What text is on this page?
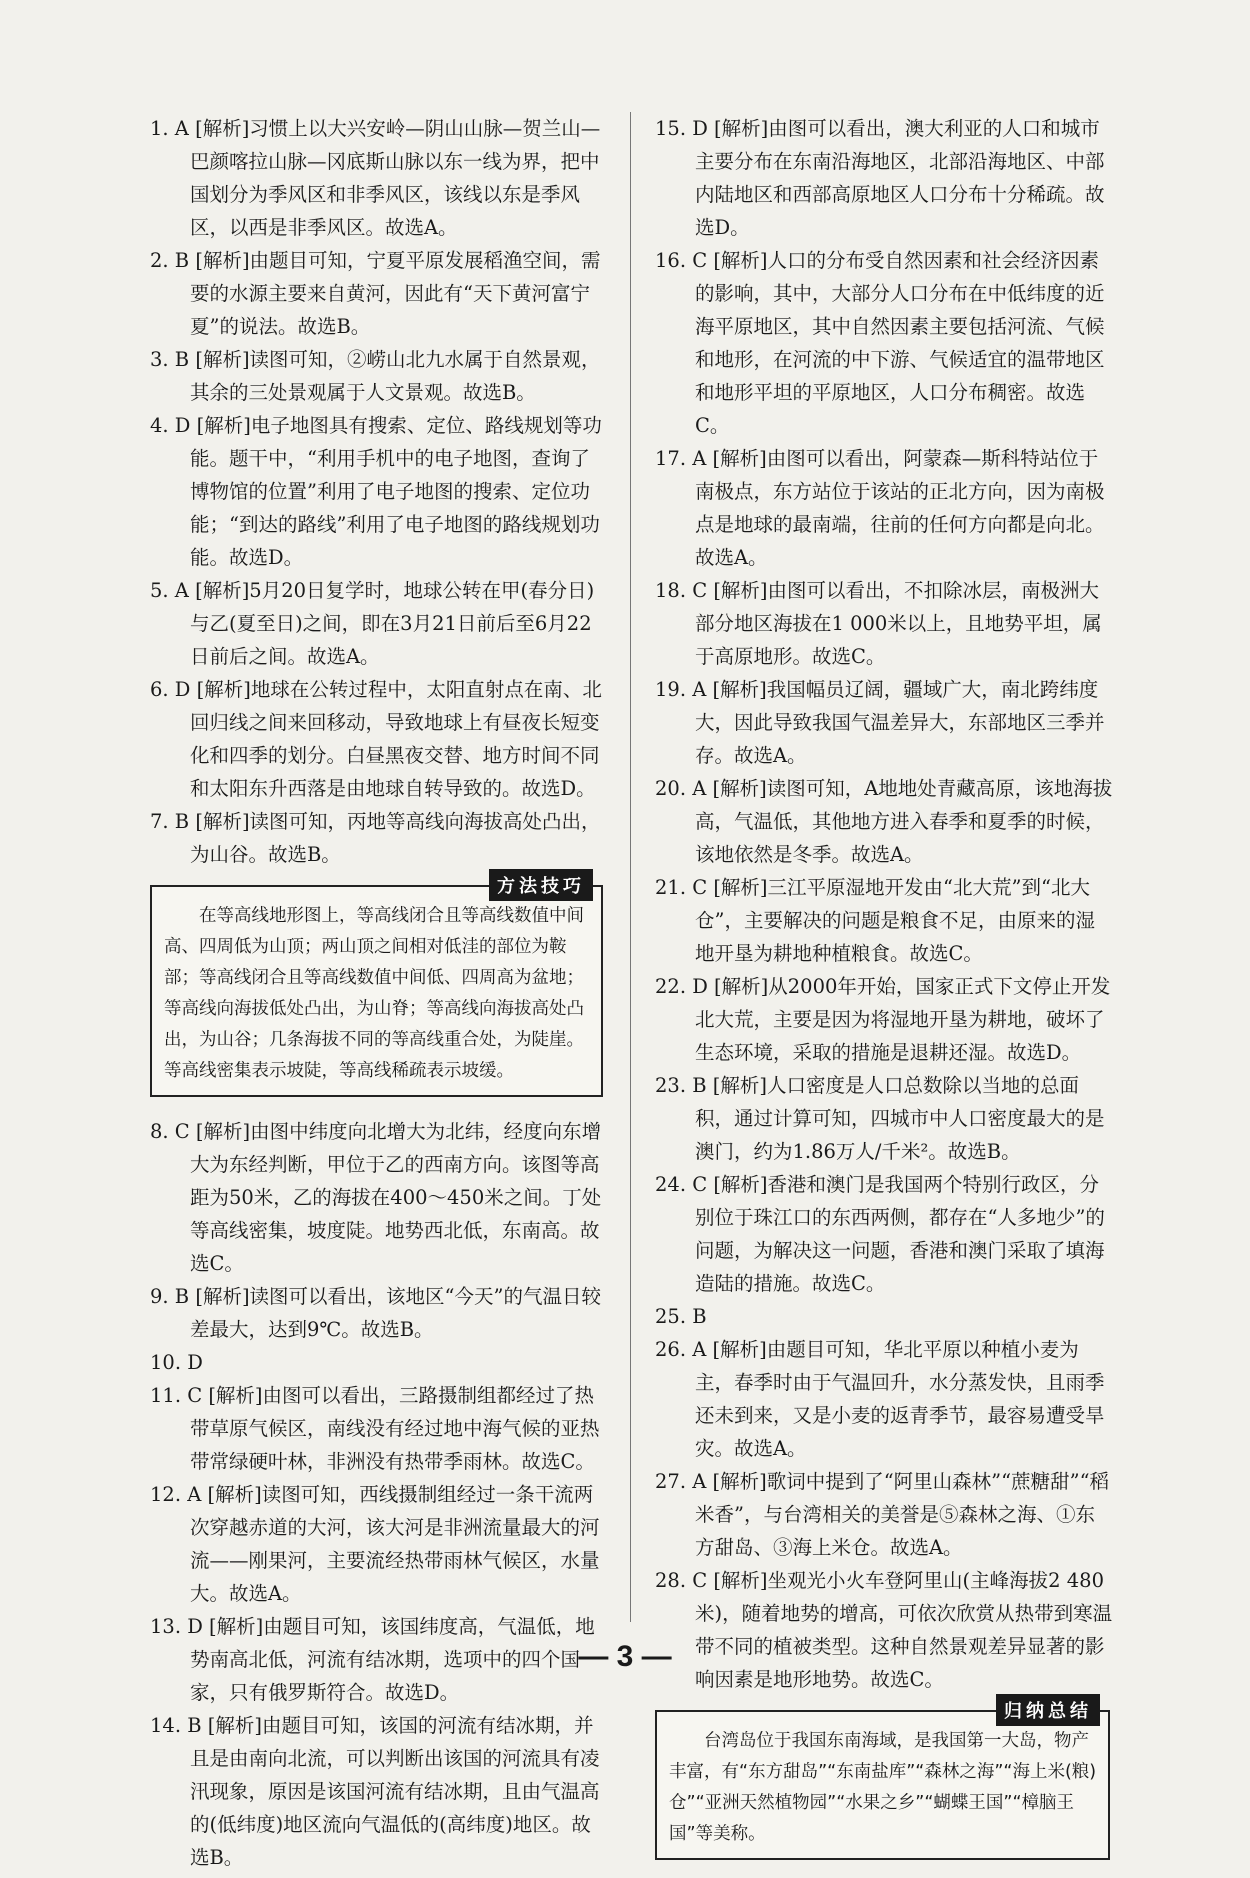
1. A [解析]习惯上以大兴安岭—阴山山脉—贺兰山—巴颜喀拉山脉—冈底斯山脉以东一线为界，把中国划分为季风区和非季风区，该线以东是季风区，以西是非季风区。故选A。

2. B [解析]由题目可知，宁夏平原发展稻渔空间，需要的水源主要来自黄河，因此有“天下黄河富宁夏”的说法。故选B。

3. B [解析]读图可知，②崂山北九水属于自然景观，其余的三处景观属于人文景观。故选B。

4. D [解析]电子地图具有搜索、定位、路线规划等功能。题干中，“利用手机中的电子地图，查询了博物馆的位置”利用了电子地图的搜索、定位功能；“到达的路线”利用了电子地图的路线规划功能。故选D。

5. A [解析]5月20日复学时，地球公转在甲(春分日)与乙(夏至日)之间，即在3月21日前后至6月22日前后之间。故选A。

6. D [解析]地球在公转过程中，太阳直射点在南、北回归线之间来回移动，导致地球上有昼夜长短变化和四季的划分。白昼黑夜交替、地方时间不同和太阳东升西落是由地球自转导致的。故选D。

7. B [解析]读图可知，丙地等高线向海拔高处凸出，为山谷。故选B。

方法技巧

在等高线地形图上，等高线闭合且等高线数值中间高、四周低为山顶；两山顶之间相对低洼的部位为鞍部；等高线闭合且等高线数值中间低、四周高为盆地；等高线向海拔低处凸出，为山脊；等高线向海拔高处凸出，为山谷；几条海拔不同的等高线重合处，为陡崖。等高线密集表示坡陡，等高线稀疏表示坡缓。

8. C [解析]由图中纬度向北增大为北纬，经度向东增大为东经判断，甲位于乙的西南方向。该图等高距为50米，乙的海拔在400～450米之间。丁处等高线密集，坡度陡。地势西北低，东南高。故选C。

9. B [解析]读图可以看出，该地区“今天”的气温日较差最大，达到9℃。故选B。

10. D

11. C [解析]由图可以看出，三路摄制组都经过了热带草原气候区，南线没有经过地中海气候的亚热带常绿硬叶林，非洲没有热带季雨林。故选C。

12. A [解析]读图可知，西线摄制组经过一条干流两次穿越赤道的大河，该大河是非洲流量最大的河流——刚果河，主要流经热带雨林气候区，水量大。故选A。

13. D [解析]由题目可知，该国纬度高，气温低，地势南高北低，河流有结冰期，选项中的四个国家，只有俄罗斯符合。故选D。

14. B [解析]由题目可知，该国的河流有结冰期，并且是由南向北流，可以判断出该国的河流具有凌汛现象，原因是该国河流有结冰期，且由气温高的(低纬度)地区流向气温低的(高纬度)地区。故选B。

15. D [解析]由图可以看出，澳大利亚的人口和城市主要分布在东南沿海地区，北部沿海地区、中部内陆地区和西部高原地区人口分布十分稀疏。故选D。

16. C [解析]人口的分布受自然因素和社会经济因素的影响，其中，大部分人口分布在中低纬度的近海平原地区，其中自然因素主要包括河流、气候和地形，在河流的中下游、气候适宜的温带地区和地形平坦的平原地区，人口分布稠密。故选C。

17. A [解析]由图可以看出，阿蒙森—斯科特站位于南极点，东方站位于该站的正北方向，因为南极点是地球的最南端，往前的任何方向都是向北。故选A。

18. C [解析]由图可以看出，不扣除冰层，南极洲大部分地区海拔在1 000米以上，且地势平坦，属于高原地形。故选C。

19. A [解析]我国幅员辽阔，疆域广大，南北跨纬度大，因此导致我国气温差异大，东部地区三季并存。故选A。

20. A [解析]读图可知，A地地处青藏高原，该地海拔高，气温低，其他地方进入春季和夏季的时候，该地依然是冬季。故选A。

21. C [解析]三江平原湿地开发由“北大荒”到“北大仓”，主要解决的问题是粮食不足，由原来的湿地开垦为耕地种植粮食。故选C。

22. D [解析]从2000年开始，国家正式下文停止开发北大荒，主要是因为将湿地开垦为耕地，破坏了生态环境，采取的措施是退耕还湿。故选D。

23. B [解析]人口密度是人口总数除以当地的总面积，通过计算可知，四城市中人口密度最大的是澳门，约为1.86万人/千米²。故选B。

24. C [解析]香港和澳门是我国两个特别行政区，分别位于珠江口的东西两侧，都存在“人多地少”的问题，为解决这一问题，香港和澳门采取了填海造陆的措施。故选C。

25. B

26. A [解析]由题目可知，华北平原以种植小麦为主，春季时由于气温回升，水分蒸发快，且雨季还未到来，又是小麦的返青季节，最容易遭受旱灾。故选A。

27. A [解析]歌词中提到了“阿里山森林”“蔗糖甜”“稻米香”，与台湾相关的美誉是⑤森林之海、①东方甜岛、③海上米仓。故选A。

28. C [解析]坐观光小火车登阿里山(主峰海拔2 480米)，随着地势的增高，可依次欣赏从热带到寒温带不同的植被类型。这种自然景观差异显著的影响因素是地形地势。故选C。

归纳总结

台湾岛位于我国东南海域，是我国第一大岛，物产丰富，有“东方甜岛”“东南盐库”“森林之海”“海上米(粮)仓”“亚洲天然植物园”“水果之乡”“蝴蝶王国”“樟脑王国”等美称。

— 3 —
